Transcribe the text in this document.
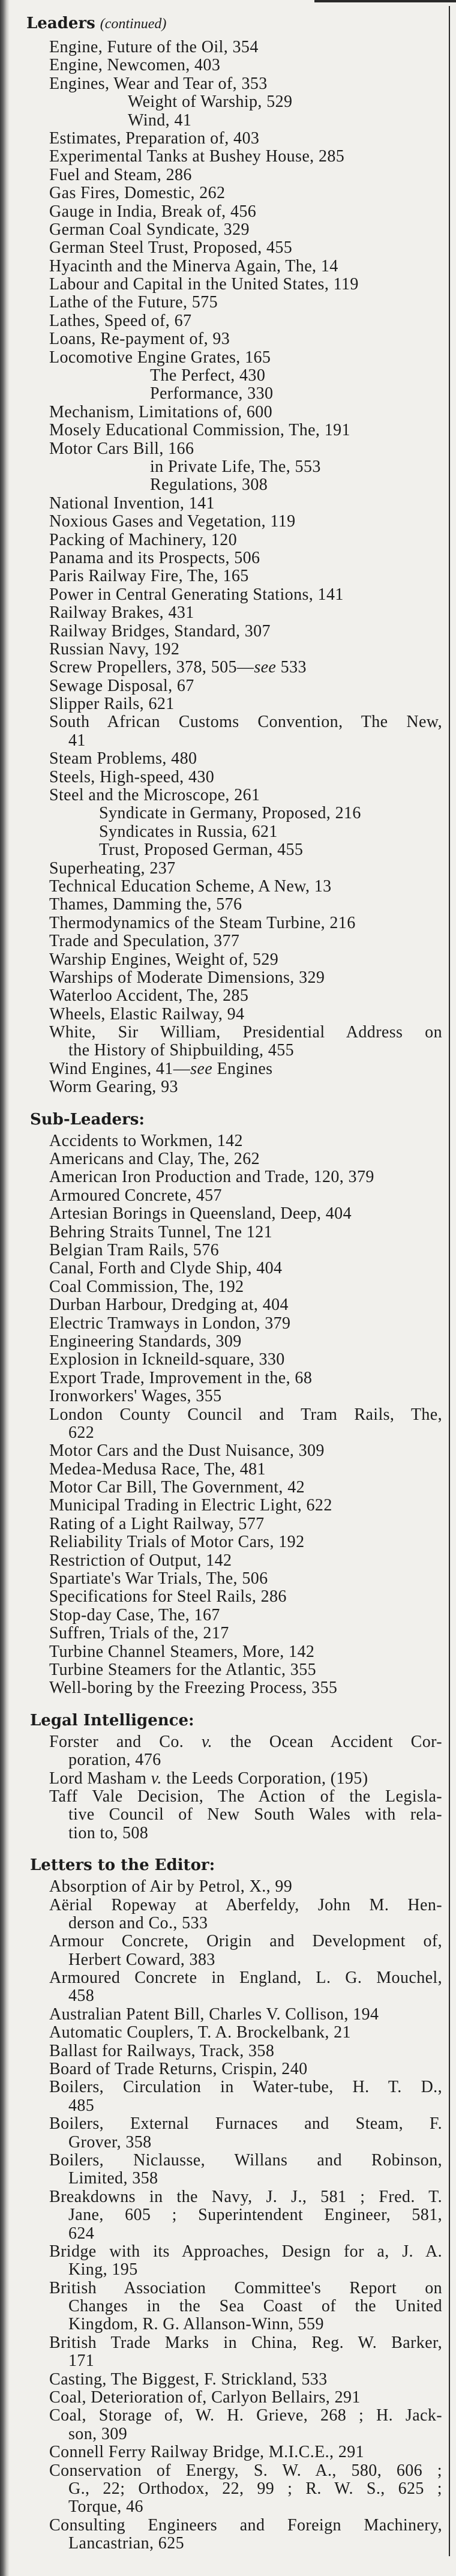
Leaders (continued)
Engine, Future of the Oil, 354
Engine, Newcomen, 403
Engines, Wear and Tear of, 353
Weight of Warship, 529
Wind, 41
Estimates, Preparation of, 403
Experimental Tanks at Bushey House, 285
Fuel and Steam, 286
Gas Fires, Domestic, 262
Gauge in India, Break of, 456
German Coal Syndicate, 329
German Steel Trust, Proposed, 455
Hyacinth and the Minerva Again, The, 14
Labour and Capital in the United States, 119
Lathe of the Future, 575
Lathes, Speed of, 67
Loans, Re-payment of, 93
Locomotive Engine Grates, 165
The Perfect, 430
Performance, 330
Mechanism, Limitations of, 600
Mosely Educational Commission, The, 191
Motor Cars Bill, 166
in Private Life, The, 553
Regulations, 308
National Invention, 141
Noxious Gases and Vegetation, 119
Packing of Machinery, 120
Panama and its Prospects, 506
Paris Railway Fire, The, 165
Power in Central Generating Stations, 141
Railway Brakes, 431
Railway Bridges, Standard, 307
Russian Navy, 192
Screw Propellers, 378, 505—see 533
Sewage Disposal, 67
Slipper Rails, 621
South African Customs Convention, The New,
41
Steam Problems, 480
Steels, High-speed, 430
Steel and the Microscope, 261
Syndicate in Germany, Proposed, 216
Syndicates in Russia, 621
Trust, Proposed German, 455
Superheating, 237
Technical Education Scheme, A New, 13
Thames, Damming the, 576
Thermodynamics of the Steam Turbine, 216
Trade and Speculation, 377
Warship Engines, Weight of, 529
Warships of Moderate Dimensions, 329
Waterloo Accident, The, 285
Wheels, Elastic Railway, 94
White, Sir William, Presidential Address on
the History of Shipbuilding, 455
Wind Engines, 41—see Engines
Worm Gearing, 93
Sub-Leaders:
Accidents to Workmen, 142
Americans and Clay, The, 262
American Iron Production and Trade, 120, 379
Armoured Concrete, 457
Artesian Borings in Queensland, Deep, 404
Behring Straits Tunnel, Tne 121
Belgian Tram Rails, 576
Canal, Forth and Clyde Ship, 404
Coal Commission, The, 192
Durban Harbour, Dredging at, 404
Electric Tramways in London, 379
Engineering Standards, 309
Explosion in Ickneild-square, 330
Export Trade, Improvement in the, 68
Ironworkers' Wages, 355
London County Council and Tram Rails, The,
622
Motor Cars and the Dust Nuisance, 309
Medea-Medusa Race, The, 481
Motor Car Bill, The Government, 42
Municipal Trading in Electric Light, 622
Rating of a Light Railway, 577
Reliability Trials of Motor Cars, 192
Restriction of Output, 142
Spartiate's War Trials, The, 506
Specifications for Steel Rails, 286
Stop-day Case, The, 167
Suffren, Trials of the, 217
Turbine Channel Steamers, More, 142
Turbine Steamers for the Atlantic, 355
Well-boring by the Freezing Process, 355
Legal Intelligence:
Forster and Co. v. the Ocean Accident Cor-
poration, 476
Lord Masham v. the Leeds Corporation, (195)
Taff Vale Decision, The Action of the Legisla-
tive Council of New South Wales with rela-
tion to, 508
Letters to the Editor:
Absorption of Air by Petrol, X., 99
Aërial Ropeway at Aberfeldy, John M. Hen-
derson and Co., 533
Armour Concrete, Origin and Development of,
Herbert Coward, 383
Armoured Concrete in England, L. G. Mouchel,
458
Australian Patent Bill, Charles V. Collison, 194
Automatic Couplers, T. A. Brockelbank, 21
Ballast for Railways, Track, 358
Board of Trade Returns, Crispin, 240
Boilers, Circulation in Water-tube, H. T. D.,
485
Boilers, External Furnaces and Steam, F.
Grover, 358
Boilers, Niclausse, Willans and Robinson,
Limited, 358
Breakdowns in the Navy, J. J., 581 ; Fred. T.
Jane, 605 ; Superintendent Engineer, 581,
624
Bridge with its Approaches, Design for a, J. A.
King, 195
British Association Committee's Report on
Changes in the Sea Coast of the United
Kingdom, R. G. Allanson-Winn, 559
British Trade Marks in China, Reg. W. Barker,
171
Casting, The Biggest, F. Strickland, 533
Coal, Deterioration of, Carlyon Bellairs, 291
Coal, Storage of, W. H. Grieve, 268 ; H. Jack-
son, 309
Connell Ferry Railway Bridge, M.I.C.E., 291
Conservation of Energy, S. W. A., 580, 606 ;
G., 22; Orthodox, 22, 99 ; R. W. S., 625 ;
Torque, 46
Consulting Engineers and Foreign Machinery,
Lancastrian, 625
